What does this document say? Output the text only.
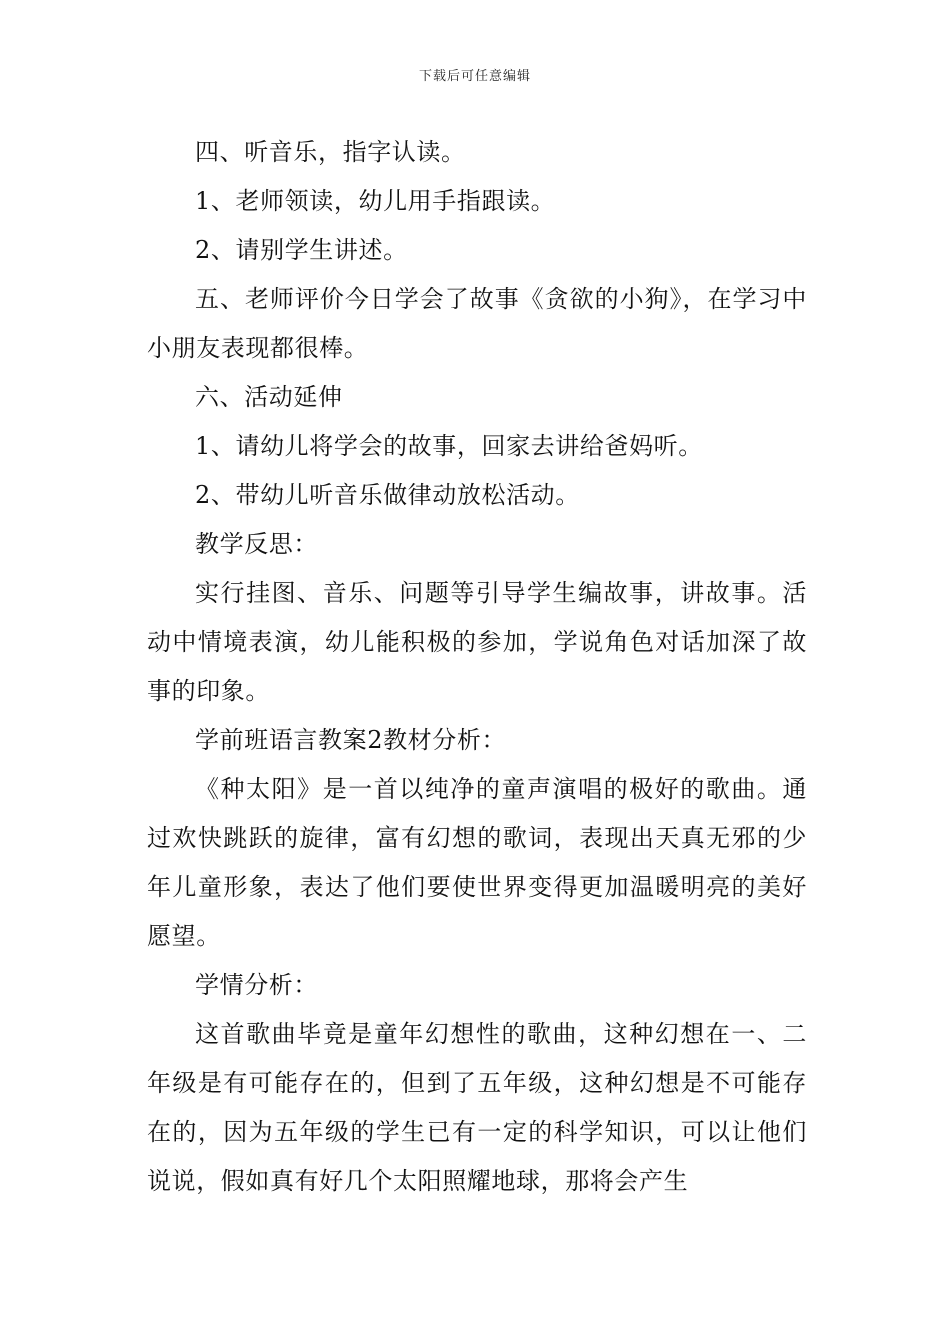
下载后可任意编辑

四、听音乐，指字认读。

1、老师领读，幼儿用手指跟读。

2、请别学生讲述。

五、老师评价今日学会了故事《贪欲的小狗》，在学习中小朋友表现都很棒。

六、活动延伸

1、请幼儿将学会的故事，回家去讲给爸妈听。

2、带幼儿听音乐做律动放松活动。

教学反思：

实行挂图、音乐、问题等引导学生编故事，讲故事。活动中情境表演，幼儿能积极的参加，学说角色对话加深了故事的印象。

学前班语言教案2教材分析：

《种太阳》是一首以纯净的童声演唱的极好的歌曲。通过欢快跳跃的旋律，富有幻想的歌词，表现出天真无邪的少年儿童形象，表达了他们要使世界变得更加温暖明亮的美好愿望。

学情分析：

这首歌曲毕竟是童年幻想性的歌曲，这种幻想在一、二年级是有可能存在的，但到了五年级，这种幻想是不可能存在的，因为五年级的学生已有一定的科学知识，可以让他们说说，假如真有好几个太阳照耀地球，那将会产生
